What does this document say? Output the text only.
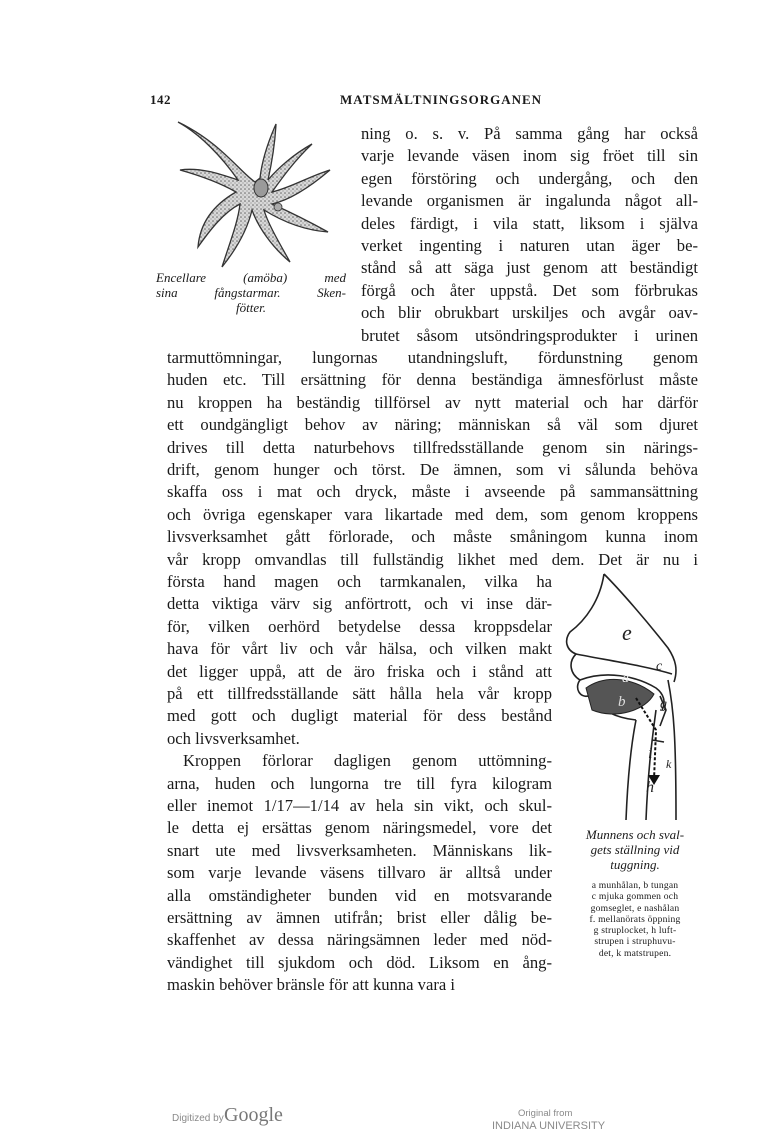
142	MATSMÄLTNINGSORGANEN
Encellare (amöba) med
sina fångstarmar. Sken-
fötter.
e
a
b
c
g
i
h
k
Munnens och sval-
gets ställning vid
tuggning.
a munhålan, b tungan
c mjuka gommen och
gomseglet, e nashålan
f. mellanörats öppning
g struplocket, h luft-
strupen i struphuvu-
det, k matstrupen.
ning o. s. v. På samma gång har också
varje levande väsen inom sig fröet till sin
egen förstöring och undergång, och den
levande organismen är ingalunda något all-
deles färdigt, i vila statt, liksom i själva
verket ingenting i naturen utan äger be-
stånd så att säga just genom att beständigt
förgå och åter uppstå. Det som förbrukas
och blir obrukbart urskiljes och avgår oav-
brutet såsom utsöndringsprodukter i urinen
tarmuttömningar, lungornas utandningsluft, fördunstning genom
huden etc. Till ersättning för denna beständiga ämnesförlust måste
nu kroppen ha beständig tillförsel av nytt material och har därför
ett oundgängligt behov av näring; människan så väl som djuret
drives till detta naturbehovs tillfredsställande genom sin närings-
drift, genom hunger och törst. De ämnen, som vi sålunda behöva
skaffa oss i mat och dryck, måste i avseende på sammansättning
och övriga egenskaper vara likartade med dem, som genom kroppens
livsverksamhet gått förlorade, och måste småningom kunna inom
vår kropp omvandlas till fullständig likhet med dem. Det är nu i
första hand magen och tarmkanalen, vilka ha
detta viktiga värv sig anförtrott, och vi inse där-
för, vilken oerhörd betydelse dessa kroppsdelar
hava för vårt liv och vår hälsa, och vilken makt
det ligger uppå, att de äro friska och i stånd att
på ett tillfredsställande sätt hålla hela vår kropp
med gott och dugligt material för dess bestånd
och livsverksamhet.
Kroppen förlorar dagligen genom uttömning-
arna, huden och lungorna tre till fyra kilogram
eller inemot 1/17—1/14 av hela sin vikt, och skul-
le detta ej ersättas genom näringsmedel, vore det
snart ute med livsverksamheten. Människans lik-
som varje levande väsens tillvaro är alltså under
alla omständigheter bunden vid en motsvarande
ersättning av ämnen utifrån; brist eller dålig be-
skaffenhet av dessa näringsämnen leder med nöd-
vändighet till sjukdom och död. Liksom en ång-
maskin behöver bränsle för att kunna vara i
Digitized by Google	Original from
INDIANA UNIVERSITY
